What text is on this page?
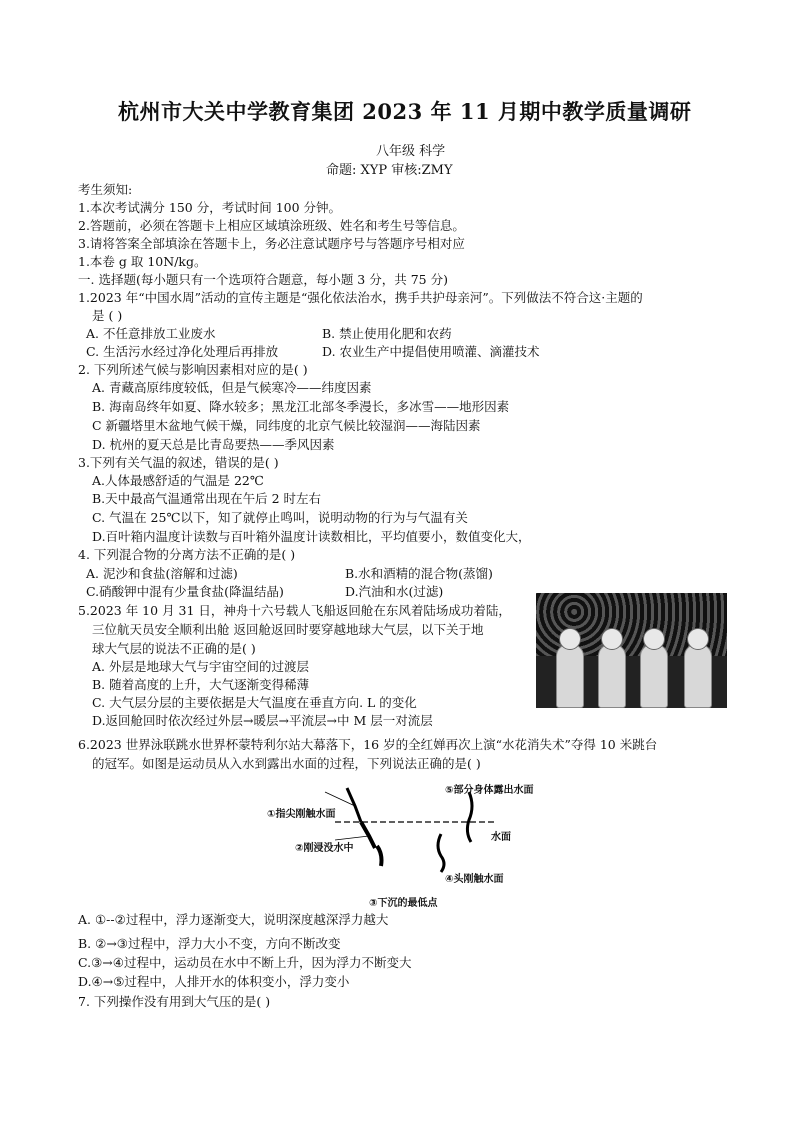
杭州市大关中学教育集团 2023 年 11 月期中教学质量调研
八年级 科学
命题: XYP 审核:ZMY
考生须知:
1.本次考试满分 150 分，考试时间 100 分钟。
2.答题前，必须在答题卡上相应区域填涂班级、姓名和考生号等信息。
3.请将答案全部填涂在答题卡上，务必注意试题序号与答题序号相对应
1.本卷 g 取 10N/kg。
一. 选择题(每小题只有一个选项符合题意，每小题 3 分，共 75 分)
1.2023 年“中国水周”活动的宣传主题是“强化依法治水，携手共护母亲河”。下列做法不符合这·主题的
是 ( )
A. 不任意排放工业废水	B. 禁止使用化肥和农药
C. 生活污水经过净化处理后再排放	D. 农业生产中提倡使用喷灌、滴灌技术
2. 下列所述气候与影响因素相对应的是( )
A. 青藏高原纬度较低，但是气候寒冷——纬度因素
B. 海南岛终年如夏、降水较多；黑龙江北部冬季漫长，多冰雪——地形因素
C 新疆塔里木盆地气候干燥，同纬度的北京气候比较湿润——海陆因素
D. 杭州的夏天总是比青岛要热——季风因素
3.下列有关气温的叙述，错误的是( )
A.人体最感舒适的气温是 22℃
B.天中最高气温通常出现在午后 2 时左右
C. 气温在 25℃以下，知了就停止鸣叫，说明动物的行为与气温有关
D.百叶箱内温度计读数与百叶箱外温度计读数相比，平均值要小，数值变化大，
4. 下列混合物的分离方法不正确的是( )
A. 泥沙和食盐(溶解和过滤)	B.水和酒精的混合物(蒸馏)
C.硝酸钾中混有少量食盐(降温结晶)	D.汽油和水(过滤)
5.2023 年 10 月 31 日，神舟十六号载人飞船返回舱在东风着陆场成功着陆，
三位航天员安全顺利出舱 返回舱返回时要穿越地球大气层，以下关于地
球大气层的说法不正确的是( )
A. 外层是地球大气与宇宙空间的过渡层
B. 随着高度的上升，大气逐渐变得稀薄
C. 大气层分层的主要依据是大气温度在垂直方向. L 的变化
D.返回舱回时依次经过外层→暖层→平流层→中 M 层一对流层
6.2023 世界泳联跳水世界杯蒙特利尔站大幕落下，16 岁的全红婵再次上演“水花消失术”夺得 10 米跳台
的冠军。如图是运动员从入水到露出水面的过程，下列说法正确的是( )
①指尖刚触水面
②刚浸没水中
③下沉的最低点
④头刚触水面
⑤部分身体露出水面
水面
A. ①--②过程中，浮力逐渐变大，说明深度越深浮力越大
B. ②→③过程中，浮力大小不变，方向不断改变
C.③→④过程中，运动员在水中不断上升，因为浮力不断变大
D.④→⑤过程中，人排开水的体积变小，浮力变小
7. 下列操作没有用到大气压的是( )
